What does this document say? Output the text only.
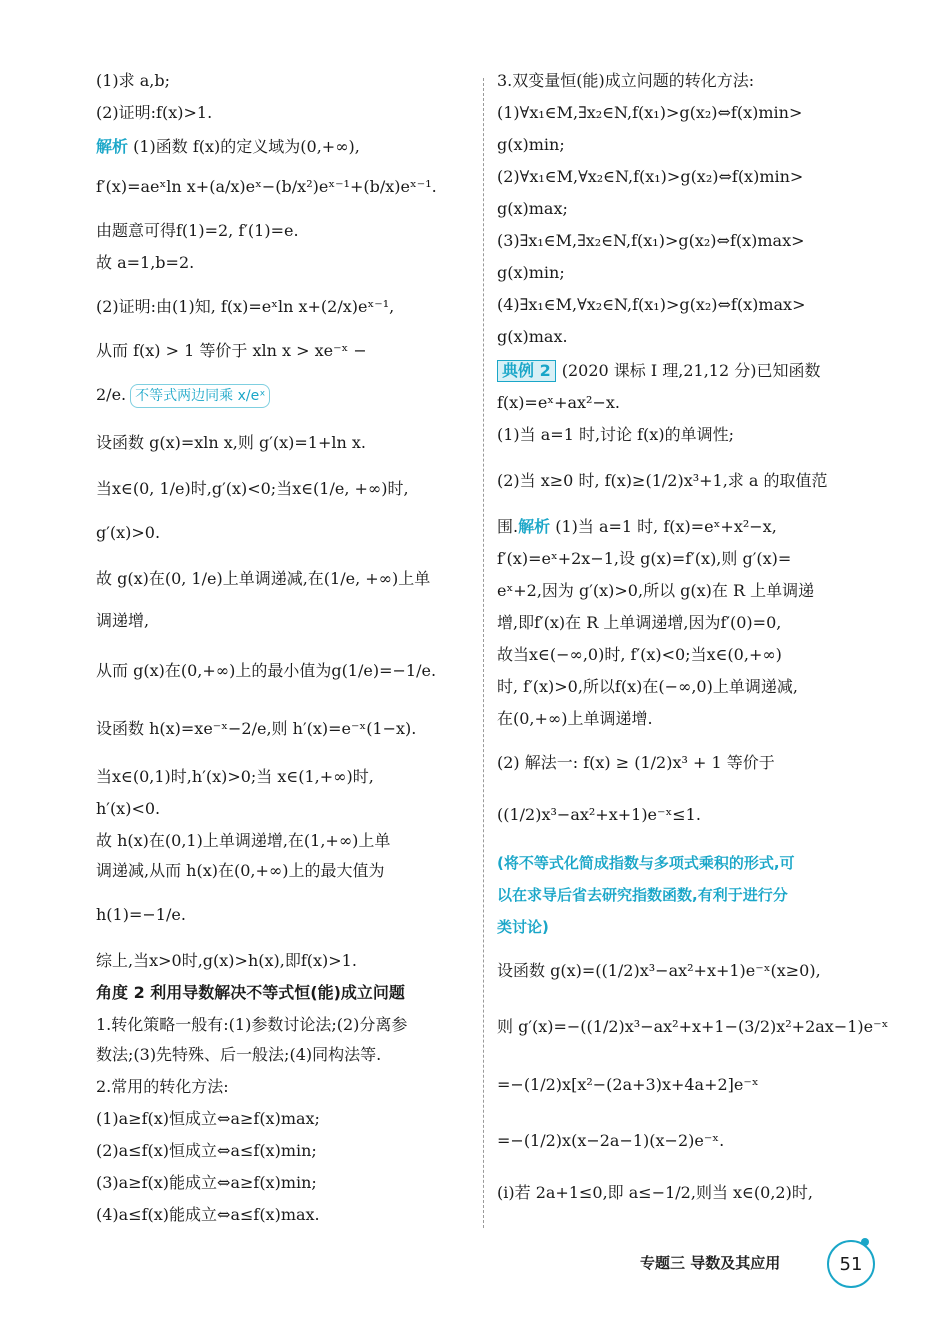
(1)求 a,b;
(2)证明:f(x)>1.
解析 (1)函数 f(x)的定义域为(0,+∞),
f′(x)=aeˣln x+(a/x)eˣ−(b/x²)eˣ⁻¹+(b/x)eˣ⁻¹.
由题意可得f(1)=2, f′(1)=e.
故 a=1,b=2.
(2)证明:由(1)知, f(x)=eˣln x+(2/x)eˣ⁻¹,
从而 f(x) > 1 等价于 xln x > xe⁻ˣ −
2/e. 不等式两边同乘 x/eˣ
设函数 g(x)=xln x,则 g′(x)=1+ln x.
当x∈(0, 1/e)时,g′(x)<0;当x∈(1/e, +∞)时,
g′(x)>0.
故 g(x)在(0, 1/e)上单调递减,在(1/e, +∞)上单
调递增,
从而 g(x)在(0,+∞)上的最小值为g(1/e)=−1/e.
设函数 h(x)=xe⁻ˣ−2/e,则 h′(x)=e⁻ˣ(1−x).
当x∈(0,1)时,h′(x)>0;当 x∈(1,+∞)时,
h′(x)<0.
故 h(x)在(0,1)上单调递增,在(1,+∞)上单
调递减,从而 h(x)在(0,+∞)上的最大值为
h(1)=−1/e.
综上,当x>0时,g(x)>h(x),即f(x)>1.
角度 2 利用导数解决不等式恒(能)成立问题
1.转化策略一般有:(1)参数讨论法;(2)分离参
数法;(3)先特殊、后一般法;(4)同构法等.
2.常用的转化方法:
(1)a≥f(x)恒成立⇔a≥f(x)max;
(2)a≤f(x)恒成立⇔a≤f(x)min;
(3)a≥f(x)能成立⇔a≥f(x)min;
(4)a≤f(x)能成立⇔a≤f(x)max.
3.双变量恒(能)成立问题的转化方法:
(1)∀x₁∈M,∃x₂∈N,f(x₁)>g(x₂)⇔f(x)min>
g(x)min;
(2)∀x₁∈M,∀x₂∈N,f(x₁)>g(x₂)⇔f(x)min>
g(x)max;
(3)∃x₁∈M,∃x₂∈N,f(x₁)>g(x₂)⇔f(x)max>
g(x)min;
(4)∃x₁∈M,∀x₂∈N,f(x₁)>g(x₂)⇔f(x)max>
g(x)max.
典例 2 (2020 课标 Ⅰ 理,21,12 分)已知函数
f(x)=eˣ+ax²−x.
(1)当 a=1 时,讨论 f(x)的单调性;
(2)当 x≥0 时, f(x)≥(1/2)x³+1,求 a 的取值范
围.解析 (1)当 a=1 时, f(x)=eˣ+x²−x,
f′(x)=eˣ+2x−1,设 g(x)=f′(x),则 g′(x)=
eˣ+2,因为 g′(x)>0,所以 g(x)在 R 上单调递
增,即f′(x)在 R 上单调递增,因为f′(0)=0,
故当x∈(−∞,0)时, f′(x)<0;当x∈(0,+∞)
时, f′(x)>0,所以f(x)在(−∞,0)上单调递减,
在(0,+∞)上单调递增.
(2) 解法一: f(x) ≥ (1/2)x³ + 1 等价于
((1/2)x³−ax²+x+1)e⁻ˣ≤1.
(将不等式化简成指数与多项式乘积的形式,可
以在求导后省去研究指数函数,有利于进行分
类讨论)
设函数 g(x)=((1/2)x³−ax²+x+1)e⁻ˣ(x≥0),
则 g′(x)=−((1/2)x³−ax²+x+1−(3/2)x²+2ax−1)e⁻ˣ
=−(1/2)x[x²−(2a+3)x+4a+2]e⁻ˣ
=−(1/2)x(x−2a−1)(x−2)e⁻ˣ.
(i)若 2a+1≤0,即 a≤−1/2,则当 x∈(0,2)时,
专题三 导数及其应用	51
